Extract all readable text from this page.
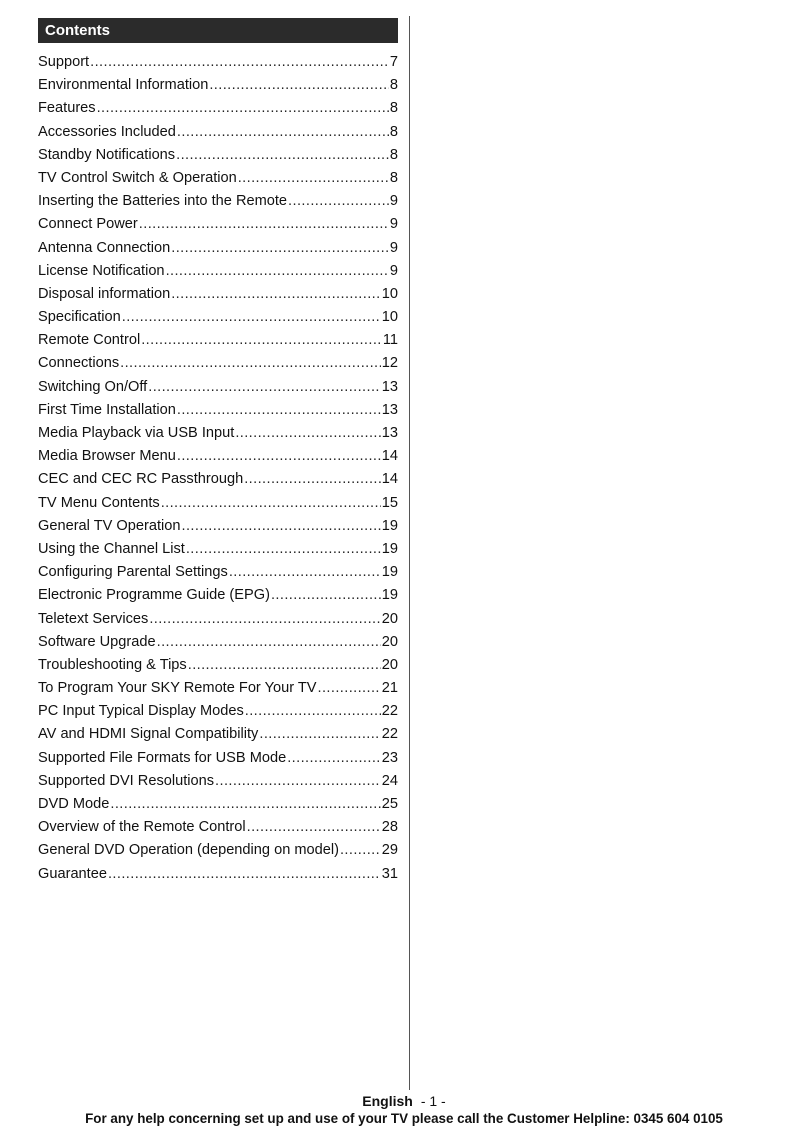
Contents
Support .....	7
Environmental Information .....	8
Features .....	8
Accessories Included .....	8
Standby Notifications .....	8
TV Control Switch & Operation .....	8
Inserting the Batteries into the Remote .....	9
Connect Power .....	9
Antenna Connection .....	9
License Notification .....	9
Disposal information .....	10
Specification .....	10
Remote Control .....	11
Connections .....	12
Switching On/Off .....	13
First Time Installation .....	13
Media Playback via USB Input .....	13
Media Browser Menu .....	14
CEC and CEC RC Passthrough .....	14
TV Menu Contents .....	15
General TV Operation .....	19
Using the Channel List .....	19
Configuring Parental Settings .....	19
Electronic Programme Guide (EPG) .....	19
Teletext Services .....	20
Software Upgrade .....	20
Troubleshooting & Tips .....	20
To Program Your SKY Remote For Your TV .....	21
PC Input Typical Display Modes .....	22
AV and HDMI Signal Compatibility .....	22
Supported File Formats for USB Mode .....	23
Supported DVI Resolutions .....	24
DVD Mode .....	25
Overview of the Remote Control .....	28
General DVD Operation (depending on model) .....	29
Guarantee .....	31
English - 1 -
For any help concerning set up and use of your TV please call the Customer Helpline: 0345 604 0105
